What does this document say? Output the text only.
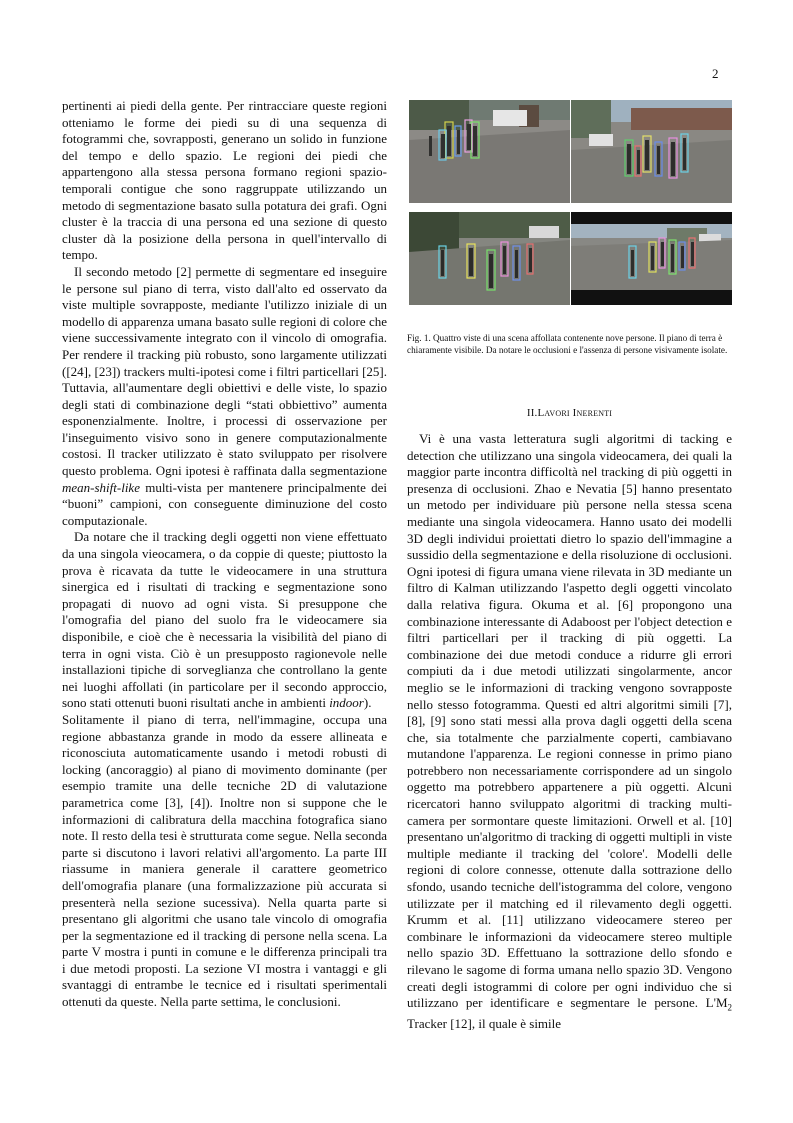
2

pertinenti ai piedi della gente. Per rintracciare queste regioni otteniamo le forme dei piedi su di una sequenza di fotogrammi che, sovrapposti, generano un solido in funzione del tempo e dello spazio. Le regioni dei piedi che appartengono alla stessa persona formano regioni spazio-temporali contigue che sono raggruppate utilizzando un metodo di segmentazione basato sulla potatura dei grafi. Ogni cluster è la traccia di una persona ed una sezione di questo cluster dà la posizione della persona in quell'intervallo di tempo.

Il secondo metodo [2] permette di segmentare ed inseguire le persone sul piano di terra, visto dall'alto ed osservato da viste multiple sovrapposte, mediante l'utilizzo iniziale di un modello di apparenza umana basato sulle regioni di colore che viene successivamente integrato con il vincolo di omografia. Per rendere il tracking più robusto, sono largamente utilizzati ([24], [23]) trackers multi-ipotesi come i filtri particellari [25]. Tuttavia, all'aumentare degli obiettivi e delle viste, lo spazio degli stati di combinazione degli “stati obbiettivo” aumenta esponenzialmente. Inoltre, i processi di osservazione per l'inseguimento visivo sono in genere computazionalmente costosi. Il tracker utilizzato è stato sviluppato per risolvere questo problema. Ogni ipotesi è raffinata dalla segmentazione mean-shift-like multi-vista per mantenere principalmente dei “buoni” campioni, con conseguente diminuzione del costo computazionale.

Da notare che il tracking degli oggetti non viene effettuato da una singola vieocamera, o da coppie di queste; piuttosto la prova è ricavata da tutte le videocamere in una struttura sinergica ed i risultati di tracking e segmentazione sono propagati di nuovo ad ogni vista. Si presuppone che l'omografia del piano del suolo fra le videocamere sia disponibile, e cioè che è necessaria la visibilità del piano di terra in ogni vista. Ciò è un presupposto ragionevole nelle installazioni tipiche di sorveglianza che controllano la gente nei luoghi affollati (in particolare per il secondo approccio, sono stati ottenuti buoni risultati anche in ambienti indoor).

Solitamente il piano di terra, nell'immagine, occupa una regione abbastanza grande in modo da essere allineata e riconosciuta automaticamente usando i metodi robusti di locking (ancoraggio) al piano di movimento dominante (per esempio tramite una delle tecniche 2D di valutazione parametrica come [3], [4]). Inoltre non si suppone che le informazioni di calibratura della macchina fotografica siano note. Il resto della tesi è strutturata come segue. Nella seconda parte si discutono i lavori relativi all'argomento. La parte III riassume in maniera generale il carattere geometrico dell'omografia planare (una formalizzazione più accurata si presenterà nella sezione sucessiva). Nella quarta parte si presentano gli algoritmi che usano tale vincolo di omografia per la segmentazione ed il tracking di persone nella scena. La parte V mostra i punti in comune e le differenza principali tra i due metodi proposti. La sezione VI mostra i vantaggi e gli svantaggi di entrambe le tecnice ed i risultati sperimentali ottenuti da queste. Nella parte settima, le conclusioni.

Fig. 1. Quattro viste di una scena affollata contenente nove persone. Il piano di terra è chiaramente visibile. Da notare le occlusioni e l'assenza di persone visivamente isolate.
II.Lavori Inerenti

Vi è una vasta letteratura sugli algoritmi di tacking e detection che utilizzano una singola videocamera, dei quali la maggior parte incontra difficoltà nel tracking di più oggetti in presenza di occlusioni. Zhao e Nevatia [5] hanno presentato un metodo per individuare più persone nella stessa scena mediante una singola videocamera. Hanno usato dei modelli 3D degli individui proiettati dietro lo spazio dell'immagine a sussidio della segmentazione e della risoluzione di occlusioni. Ogni ipotesi di figura umana viene rilevata in 3D mediante un filtro di Kalman utilizzando l'aspetto degli oggetti vincolato dalla relativa figura. Okuma et al. [6] propongono una combinazione interessante di Adaboost per l'object detection e filtri particellari per il tracking di più oggetti. La combinazione dei due metodi conduce a ridurre gli errori compiuti da i due metodi utilizzati singolarmente, ancor meglio se le informazioni di tracking vengono sovrapposte nello stesso fotogramma. Questi ed altri algoritmi simili [7], [8], [9] sono stati messi alla prova dagli oggetti della scena che, sia totalmente che parzialmente coperti, cambiavano mutandone l'apparenza. Le regioni connesse in primo piano potrebbero non necessariamente corrispondere ad un singolo oggetto ma potrebbero appartenere a più oggetti. Alcuni ricercatori hanno sviluppato algoritmi di tracking multi-camera per sormontare queste limitazioni. Orwell et al. [10] presentano un'algoritmo di tracking di oggetti multipli in viste multiple mediante il tracking del 'colore'. Modelli delle regioni di colore connesse, ottenute dalla sottrazione dello sfondo, usando tecniche dell'istogramma del colore, vengono utilizzate per il matching ed il rilevamento degli oggetti. Krumm et al. [11] utilizzano videocamere stereo per combinare le informazioni da videocamere stereo multiple nello spazio 3D. Effettuano la sottrazione dello sfondo e rilevano le sagome di forma umana nello spazio 3D. Vengono creati degli istogrammi di colore per ogni individuo che si utilizzano per identificare e segmentare le persone. $L'M_2$ Tracker [12], il quale è simile
